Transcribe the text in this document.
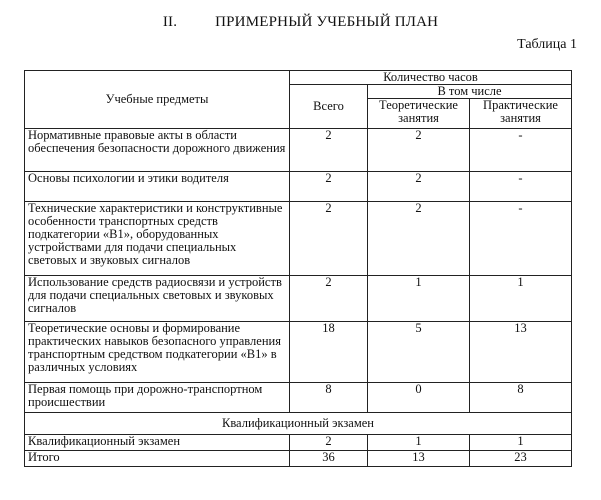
II.	ПРИМЕРНЫЙ УЧЕБНЫЙ ПЛАН
Таблица 1
Учебные предметы	Количество часов		
	Всего	В том числе	
		Теоретические занятия	Практические занятия
Нормативные правовые акты в области обеспечения безопасности дорожного движения	2	2	-
Основы психологии и этики водителя	2	2	-
Технические характеристики и конструктивные особенности транспортных средств подкатегории «В1», оборудованных устройствами для подачи специальных световых и звуковых сигналов	2	2	-
Использование средств радиосвязи и устройств для подачи специальных световых и звуковых сигналов	2	1	1
Теоретические основы и формирование практических навыков безопасного управления транспортным средством подкатегории «В1» в различных условиях	18	5	13
Первая помощь при дорожно-транспортном происшествии	8	0	8
Квалификационный экзамен			
Квалификационный экзамен	2	1	1
Итого	36	13	23
